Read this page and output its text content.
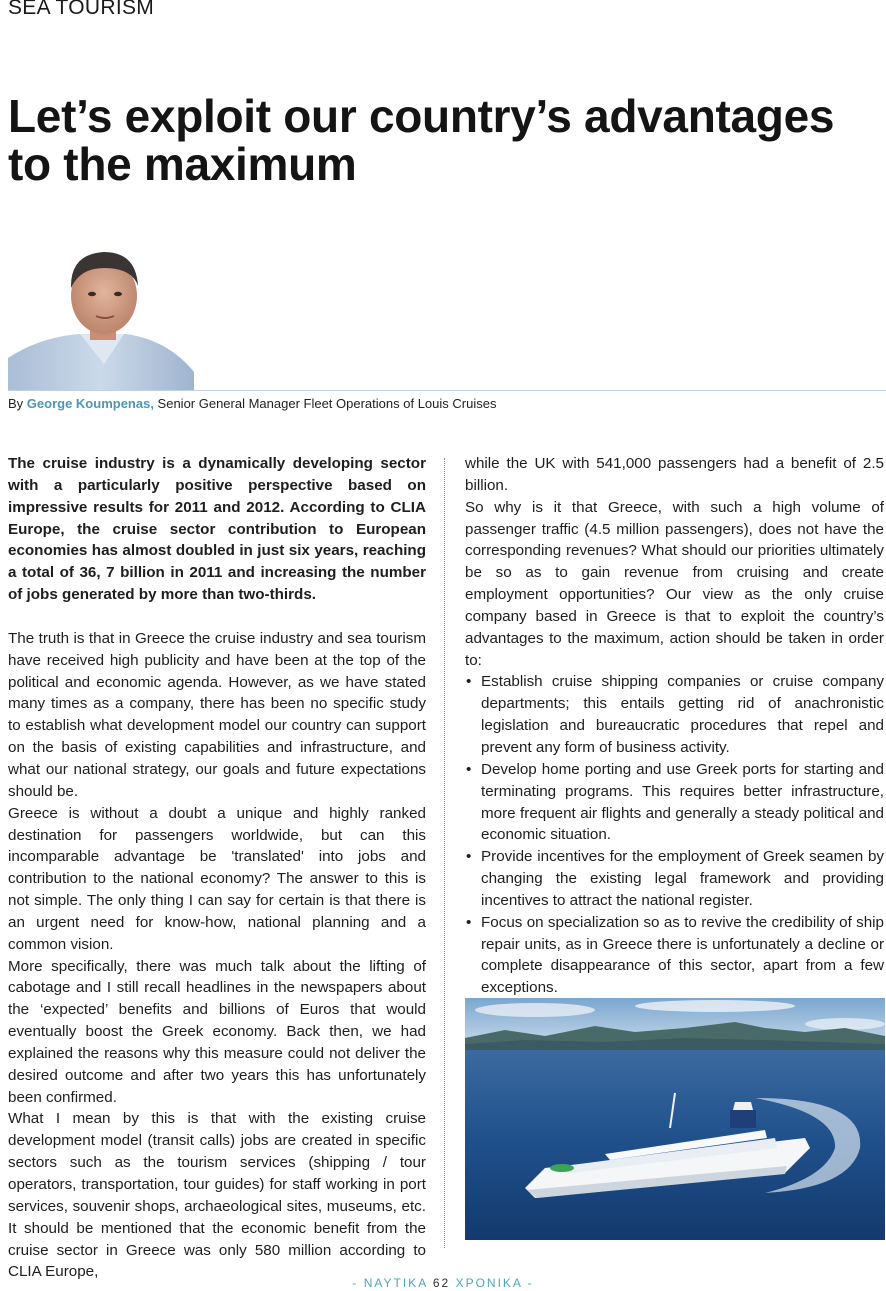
SEA TOURISM
Let’s exploit our country’s advantages to the maximum
By George Koumpenas, Senior General Manager Fleet Operations of Louis Cruises

The cruise industry is a dynamically developing sector with a particularly positive perspective based on impressive results for 2011 and 2012. According to CLIA Europe, the cruise sector contribution to European economies has almost doubled in just six years, reaching a total of 36, 7 billion in 2011 and increasing the number of jobs generated by more than two-thirds.

The truth is that in Greece the cruise industry and sea tourism have received high publicity and have been at the top of the political and economic agenda. However, as we have stated many times as a company, there has been no specific study to establish what development model our country can support on the basis of existing capabilities and infrastructure, and what our national strategy, our goals and future expectations should be.

Greece is without a doubt a unique and highly ranked destination for passengers worldwide, but can this incomparable advantage be 'translated' into jobs and contribution to the national economy? The answer to this is not simple. The only thing I can say for certain is that there is an urgent need for know-how, national planning and a common vision.

More specifically, there was much talk about the lifting of cabotage and I still recall headlines in the newspapers about the ‘expected’ benefits and billions of Euros that would eventually boost the Greek economy. Back then, we had explained the reasons why this measure could not deliver the desired outcome and after two years this has unfortunately been confirmed.

What I mean by this is that with the existing cruise development model (transit calls) jobs are created in specific sectors such as the tourism services (shipping / tour operators, transportation, tour guides) for staff working in port services, souvenir shops, archaeological sites, museums, etc. It should be mentioned that the economic benefit from the cruise sector in Greece was only 580 million according to CLIA Europe,

while the UK with 541,000 passengers had a benefit of 2.5 billion.

So why is it that Greece, with such a high volume of passenger traffic (4.5 million passengers), does not have the corresponding revenues? What should our priorities ultimately be so as to gain revenue from cruising and create employment opportunities? Our view as the only cruise company based in Greece is that to exploit the country’s advantages to the maximum, action should be taken in order to:

• Establish cruise shipping companies or cruise company departments; this entails getting rid of anachronistic legislation and bureaucratic procedures that repel and prevent any form of business activity.
• Develop home porting and use Greek ports for starting and terminating programs. This requires better infrastructure, more frequent air flights and generally a steady political and economic situation.
• Provide incentives for the employment of Greek seamen by changing the existing legal framework and providing incentives to attract the national register.
• Focus on specialization so as to revive the credibility of ship repair units, as in Greece there is unfortunately a decline or complete disappearance of this sector, apart from a few exceptions.
- ΝΑΥΤΙΚΑ 62 ΧΡΟΝΙΚΑ -
